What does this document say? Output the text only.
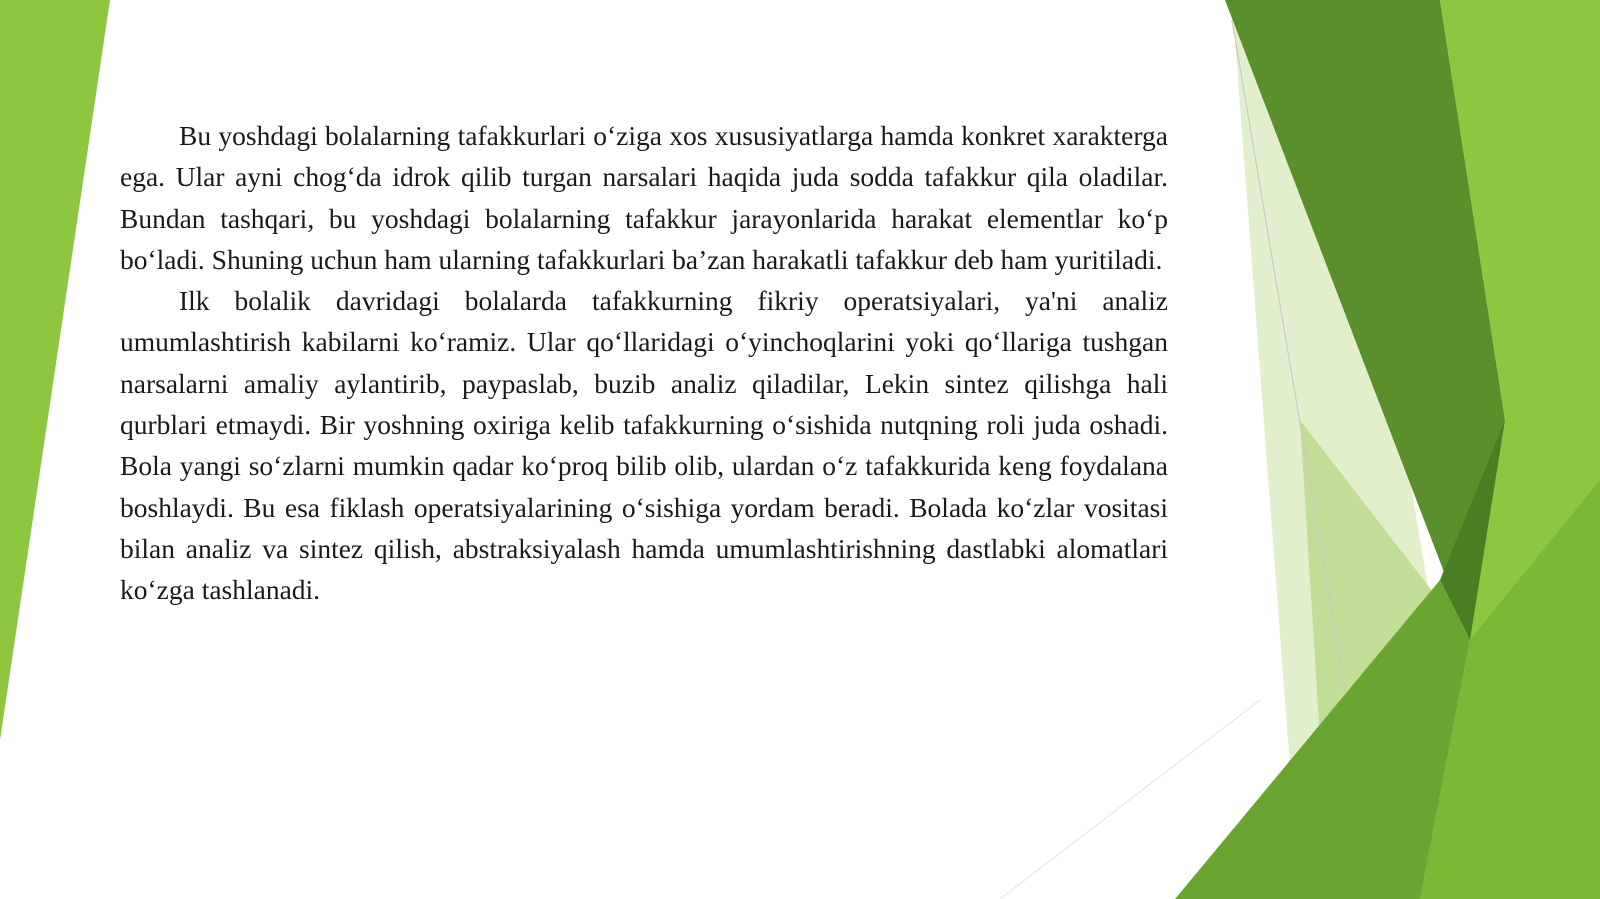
Bu yoshdagi bolalarning tafakkurlari o‘ziga xos xususiyatlarga hamda konkret xarakterga ega. Ular ayni chog‘da idrok qilib turgan narsalari haqida juda sodda tafakkur qila oladilar. Bundan tashqari, bu yoshdagi bolalarning tafakkur jarayonlarida harakat elementlar ko‘p bo‘ladi. Shuning uchun ham ularning tafakkurlari ba’zan harakatli tafakkur deb ham yuritiladi.

Ilk bolalik davridagi bolalarda tafakkurning fikriy operatsiyalari, ya'ni analiz umumlashtirish kabilarni ko‘ramiz. Ular qo‘llaridagi o‘yinchoqlarini yoki qo‘llariga tushgan narsalarni amaliy aylantirib, paypaslab, buzib analiz qiladilar, Lekin sintez qilishga hali qurblari etmaydi. Bir yoshning oxiriga kelib tafakkurning o‘sishida nutqning roli juda oshadi. Bola yangi so‘zlarni mumkin qadar ko‘proq bilib olib, ulardan o‘z tafakkurida keng foydalana boshlaydi. Bu esa fiklash operatsiyalarining o‘sishiga yordam beradi. Bolada ko‘zlar vositasi bilan analiz va sintez qilish, abstraksiyalash hamda umumlashtirishning dastlabki alomatlari ko‘zga tashlanadi.
